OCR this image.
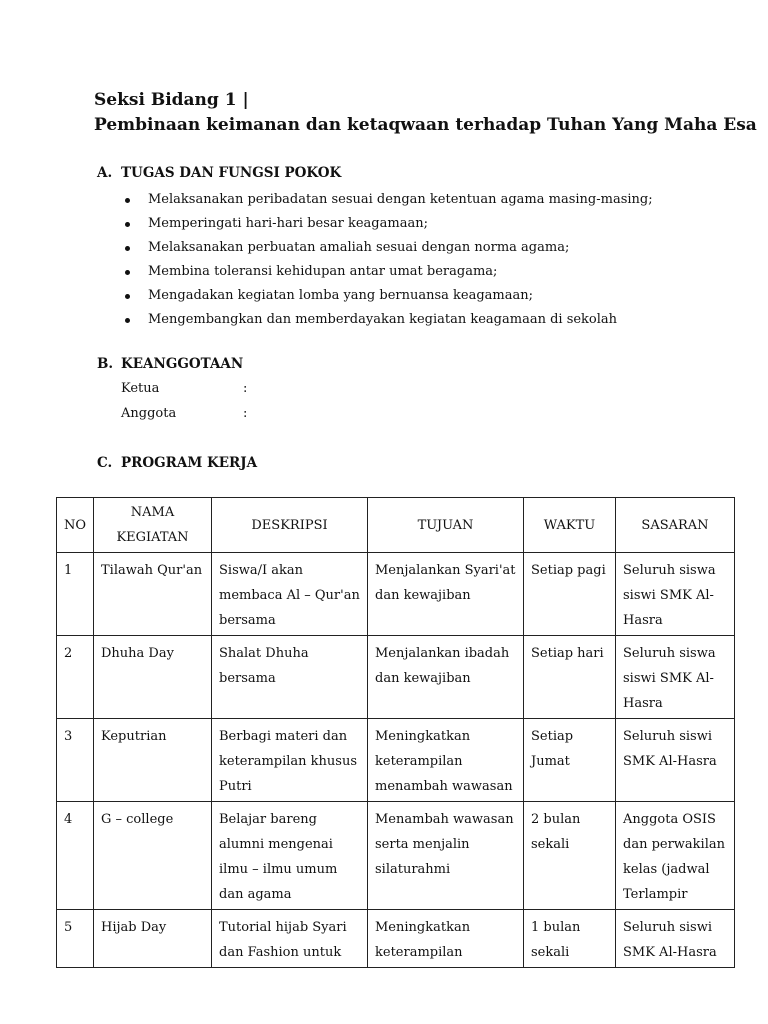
Seksi Bidang 1 |
Pembinaan keimanan dan ketaqwaan terhadap Tuhan Yang Maha Esa
A. TUGAS DAN FUNGSI POKOK
Melaksanakan peribadatan sesuai dengan ketentuan agama masing-masing;
Memperingati hari-hari besar keagamaan;
Melaksanakan perbuatan amaliah sesuai dengan norma agama;
Membina toleransi kehidupan antar umat beragama;
Mengadakan kegiatan lomba yang bernuansa keagamaan;
Mengembangkan dan memberdayakan kegiatan keagamaan di sekolah
B. KEANGGOTAAN
Ketua	:
Anggota	:
C. PROGRAM KERJA
NO	NAMA KEGIATAN	DESKRIPSI	TUJUAN	WAKTU	SASARAN
1	Tilawah Qur'an	Siswa/I akan membaca Al – Qur'an bersama	Menjalankan Syari'at dan kewajiban	Setiap pagi	Seluruh siswa siswi SMK Al-Hasra
2	Dhuha Day	Shalat Dhuha bersama	Menjalankan ibadah dan kewajiban	Setiap hari	Seluruh siswa siswi SMK Al-Hasra
3	Keputrian	Berbagi materi dan keterampilan khusus Putri	Meningkatkan keterampilan menambah wawasan	Setiap Jumat	Seluruh siswi SMK Al-Hasra
4	G – college	Belajar bareng alumni mengenai ilmu – ilmu umum dan agama	Menambah wawasan serta menjalin silaturahmi	2 bulan sekali	Anggota OSIS dan perwakilan kelas (jadwal Terlampir
5	Hijab Day	Tutorial hijab Syari dan Fashion untuk	Meningkatkan keterampilan	1 bulan sekali	Seluruh siswi SMK Al-Hasra
